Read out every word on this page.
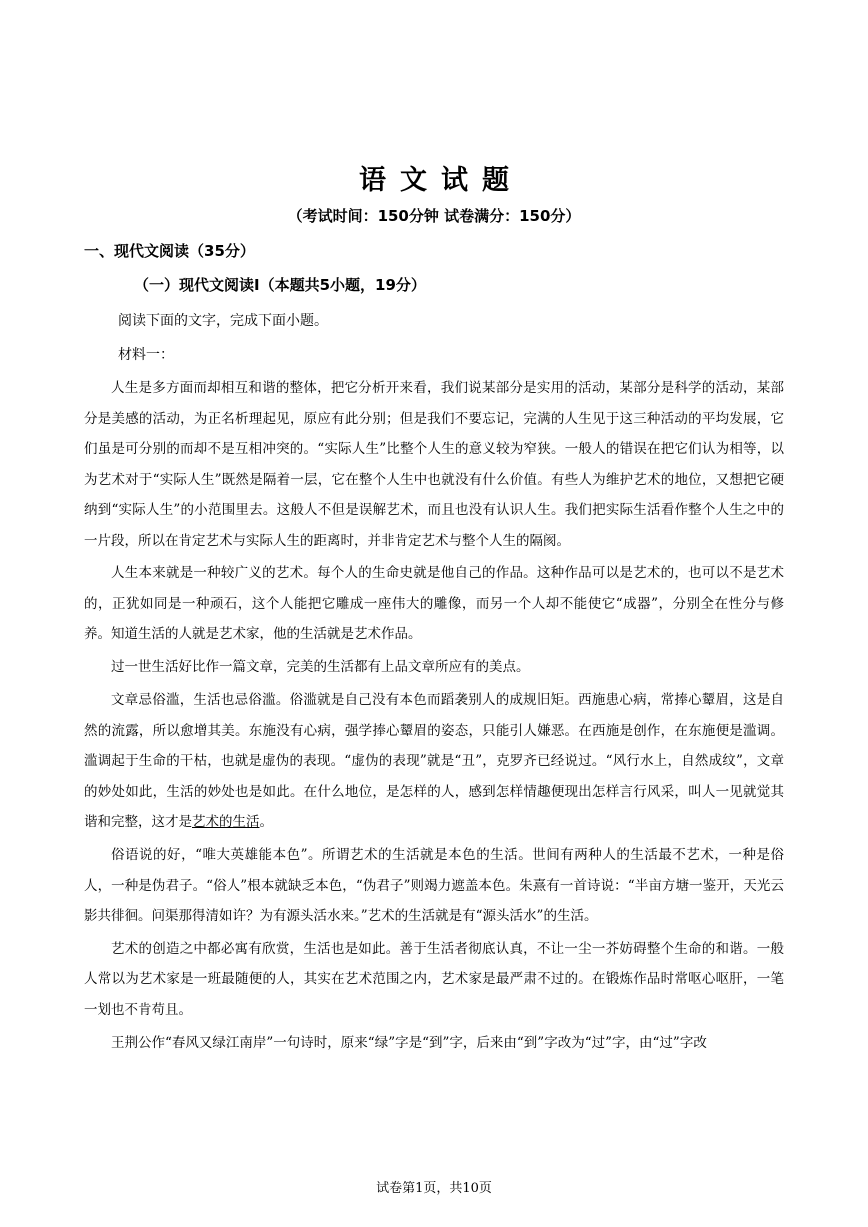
语文试题
（考试时间：150分钟 试卷满分：150分）
一、现代文阅读（35分）
（一）现代文阅读Ⅰ（本题共5小题，19分）
阅读下面的文字，完成下面小题。
材料一：

人生是多方面而却相互和谐的整体，把它分析开来看，我们说某部分是实用的活动，某部分是科学的活动，某部分是美感的活动，为正名析理起见，原应有此分别；但是我们不要忘记，完满的人生见于这三种活动的平均发展，它们虽是可分别的而却不是互相冲突的。“实际人生”比整个人生的意义较为窄狭。一般人的错误在把它们认为相等，以为艺术对于“实际人生”既然是隔着一层，它在整个人生中也就没有什么价值。有些人为维护艺术的地位，又想把它硬纳到“实际人生”的小范围里去。这般人不但是误解艺术，而且也没有认识人生。我们把实际生活看作整个人生之中的一片段，所以在肯定艺术与实际人生的距离时，并非肯定艺术与整个人生的隔阂。

人生本来就是一种较广义的艺术。每个人的生命史就是他自己的作品。这种作品可以是艺术的，也可以不是艺术的，正犹如同是一种顽石，这个人能把它雕成一座伟大的雕像，而另一个人却不能使它“成器”，分别全在性分与修养。知道生活的人就是艺术家，他的生活就是艺术作品。

过一世生活好比作一篇文章，完美的生活都有上品文章所应有的美点。

文章忌俗滥，生活也忌俗滥。俗滥就是自己没有本色而蹈袭别人的成规旧矩。西施患心病，常捧心颦眉，这是自然的流露，所以愈增其美。东施没有心病，强学捧心颦眉的姿态，只能引人嫌恶。在西施是创作，在东施便是滥调。滥调起于生命的干枯，也就是虚伪的表现。“虚伪的表现”就是“丑”，克罗齐已经说过。“风行水上，自然成纹”，文章的妙处如此，生活的妙处也是如此。在什么地位，是怎样的人，感到怎样情趣便现出怎样言行风采，叫人一见就觉其谐和完整，这才是艺术的生活。

俗语说的好，“唯大英雄能本色”。所谓艺术的生活就是本色的生活。世间有两种人的生活最不艺术，一种是俗人，一种是伪君子。“俗人”根本就缺乏本色，“伪君子”则竭力遮盖本色。朱熹有一首诗说：“半亩方塘一鉴开，天光云影共徘徊。问渠那得清如许？为有源头活水来。”艺术的生活就是有“源头活水”的生活。

艺术的创造之中都必寓有欣赏，生活也是如此。善于生活者彻底认真，不让一尘一芥妨碍整个生命的和谐。一般人常以为艺术家是一班最随便的人，其实在艺术范围之内，艺术家是最严肃不过的。在锻炼作品时常呕心呕肝，一笔一划也不肯苟且。

王荆公作“春风又绿江南岸”一句诗时，原来“绿”字是“到”字，后来由“到”字改为“过”字，由“过”字改

试卷第1页，共10页
